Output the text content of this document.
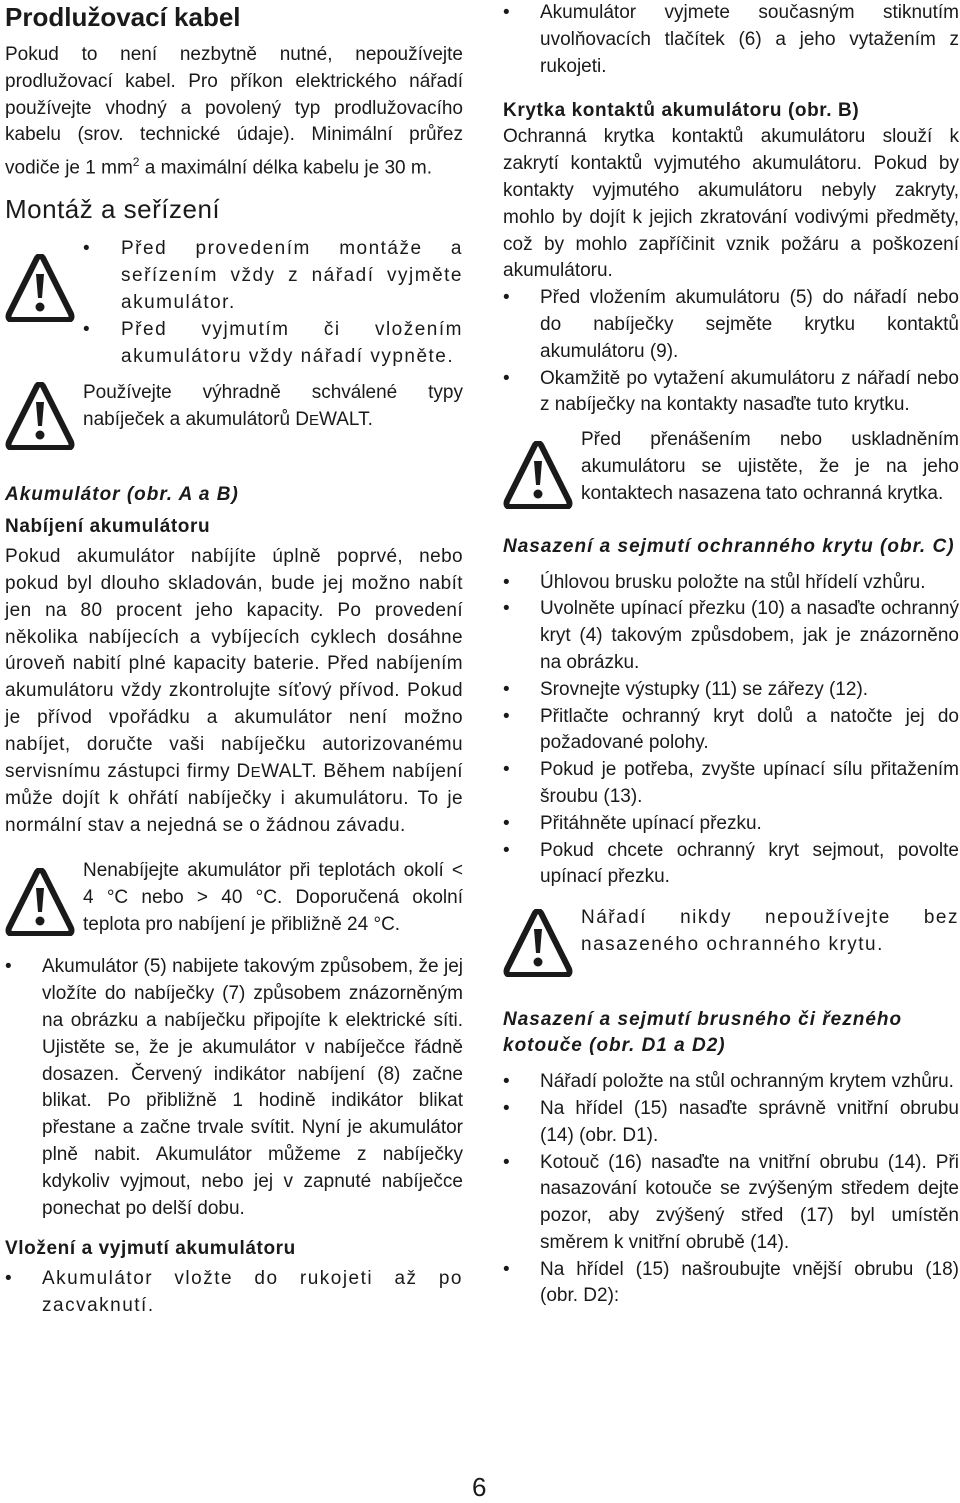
Prodlužovací kabel

Pokud to není nezbytně nutné, nepoužívejte prodlužovací kabel. Pro příkon elektrického nářadí používejte vhodný a povolený typ prodlužovacího kabelu (srov. technické údaje). Minimální průřez vodiče je 1 $mm^2$ a maximální délka kabelu je 30 m.

Montáž a seřízení
• Před provedením montáže a seřízením vždy z nářadí vyjměte akumulátor.
• Před vyjmutím či vložením akumulátoru vždy nářadí vypněte.

Používejte výhradně schválené typy nabíječek a akumulátorů DEWALT.

Akumulátor (obr. A a B)
Nabíjení akumulátoru

Pokud akumulátor nabíjíte úplně poprvé, nebo pokud byl dlouho skladován, bude jej možno nabít jen na 80 procent jeho kapacity. Po provedení několika nabíjecích a vybíjecích cyklech dosáhne úroveň nabití plné kapacity baterie. Před nabíjením akumulátoru vždy zkontrolujte síťový přívod. Pokud je přívod vpořádku a akumulátor není možno nabíjet, doručte vaši nabíječku autorizovanému servisnímu zástupci firmy DEWALT. Během nabíjení může dojít k ohřátí nabíječky i akumulátoru. To je normální stav a nejedná se o žádnou závadu.

Nenabíjejte akumulátor při teplotách okolí < 4 °C nebo > 40 °C. Doporučená okolní teplota pro nabíjení je přibližně 24 °C.

• Akumulátor (5) nabijete takovým způsobem, že jej vložíte do nabíječky (7) způsobem znázorněným na obrázku a nabíječku připojíte k elektrické síti. Ujistěte se, že je akumulátor v nabíječce řádně dosazen. Červený indikátor nabíjení (8) začne blikat. Po přibližně 1 hodině indikátor blikat přestane a začne trvale svítit. Nyní je akumulátor plně nabit. Akumulátor můžeme z nabíječky kdykoliv vyjmout, nebo jej v zapnuté nabíječce ponechat po delší dobu.
Vložení a vyjmutí akumulátoru
• Akumulátor vložte do rukojeti až po zacvaknutí.
• Akumulátor vyjmete současným stiknutím uvolňovacích tlačítek (6) a jeho vytažením z rukojeti.
Krytka kontaktů akumulátoru (obr. B)

Ochranná krytka kontaktů akumulátoru slouží k zakrytí kontaktů vyjmutého akumulátoru. Pokud by kontakty vyjmutého akumulátoru nebyly zakryty, mohlo by dojít k jejich zkratování vodivými předměty, což by mohlo zapříčinit vznik požáru a poškození akumulátoru.

• Před vložením akumulátoru (5) do nářadí nebo do nabíječky sejměte krytku kontaktů akumulátoru (9).
• Okamžitě po vytažení akumulátoru z nářadí nebo z nabíječky na kontakty nasaďte tuto krytku.

Před přenášením nebo uskladněním akumulátoru se ujistěte, že je na jeho kontaktech nasazena tato ochranná krytka.

Nasazení a sejmutí ochranného krytu (obr. C)
• Úhlovou brusku položte na stůl hřídelí vzhůru.
• Uvolněte upínací přezku (10) a nasaďte ochranný kryt (4) takovým způsdobem, jak je znázorněno na obrázku.
• Srovnejte výstupky (11) se zářezy (12).
• Přitlačte ochranný kryt dolů a natočte jej do požadované polohy.
• Pokud je potřeba, zvyšte upínací sílu přitažením šroubu (13).
• Přitáhněte upínací přezku.
• Pokud chcete ochranný kryt sejmout, povolte upínací přezku.

Nářadí nikdy nepoužívejte bez nasazeného ochranného krytu.

Nasazení a sejmutí brusného či řezného kotouče (obr. D1 a D2)
• Nářadí položte na stůl ochranným krytem vzhůru.
• Na hřídel (15) nasaďte správně vnitřní obrubu (14) (obr. D1).
• Kotouč (16) nasaďte na vnitřní obrubu (14). Při nasazování kotouče se zvýšeným středem dejte pozor, aby zvýšený střed (17) byl umístěn směrem k vnitřní obrubě (14).
• Na hřídel (15) našroubujte vnější obrubu (18) (obr. D2):
6
